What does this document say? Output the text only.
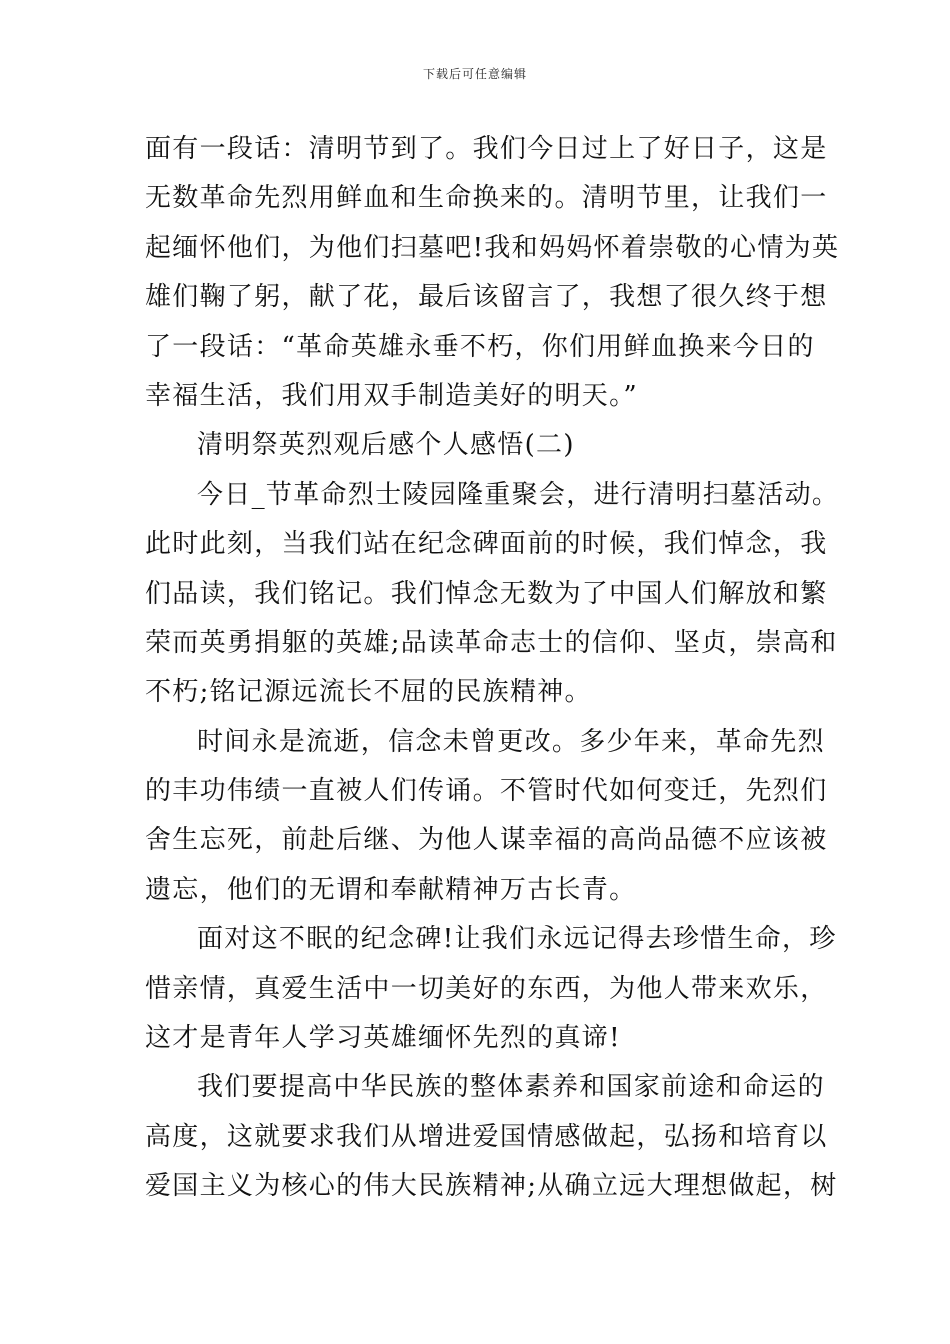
下载后可任意编辑
面有一段话：清明节到了。我们今日过上了好日子，这是
无数革命先烈用鲜血和生命换来的。清明节里，让我们一
起缅怀他们，为他们扫墓吧!我和妈妈怀着崇敬的心情为英
雄们鞠了躬，献了花，最后该留言了，我想了很久终于想
了一段话：“革命英雄永垂不朽，你们用鲜血换来今日的
幸福生活，我们用双手制造美好的明天。”
清明祭英烈观后感个人感悟(二)
今日_节革命烈士陵园隆重聚会，进行清明扫墓活动。
此时此刻，当我们站在纪念碑面前的时候，我们悼念，我
们品读，我们铭记。我们悼念无数为了中国人们解放和繁
荣而英勇捐躯的英雄;品读革命志士的信仰、坚贞，崇高和
不朽;铭记源远流长不屈的民族精神。
时间永是流逝，信念未曾更改。多少年来，革命先烈
的丰功伟绩一直被人们传诵。不管时代如何变迁，先烈们
舍生忘死，前赴后继、为他人谋幸福的高尚品德不应该被
遗忘，他们的无谓和奉献精神万古长青。
面对这不眠的纪念碑!让我们永远记得去珍惜生命，珍
惜亲情，真爱生活中一切美好的东西，为他人带来欢乐，
这才是青年人学习英雄缅怀先烈的真谛!
我们要提高中华民族的整体素养和国家前途和命运的
高度，这就要求我们从增进爱国情感做起，弘扬和培育以
爱国主义为核心的伟大民族精神;从确立远大理想做起，树
